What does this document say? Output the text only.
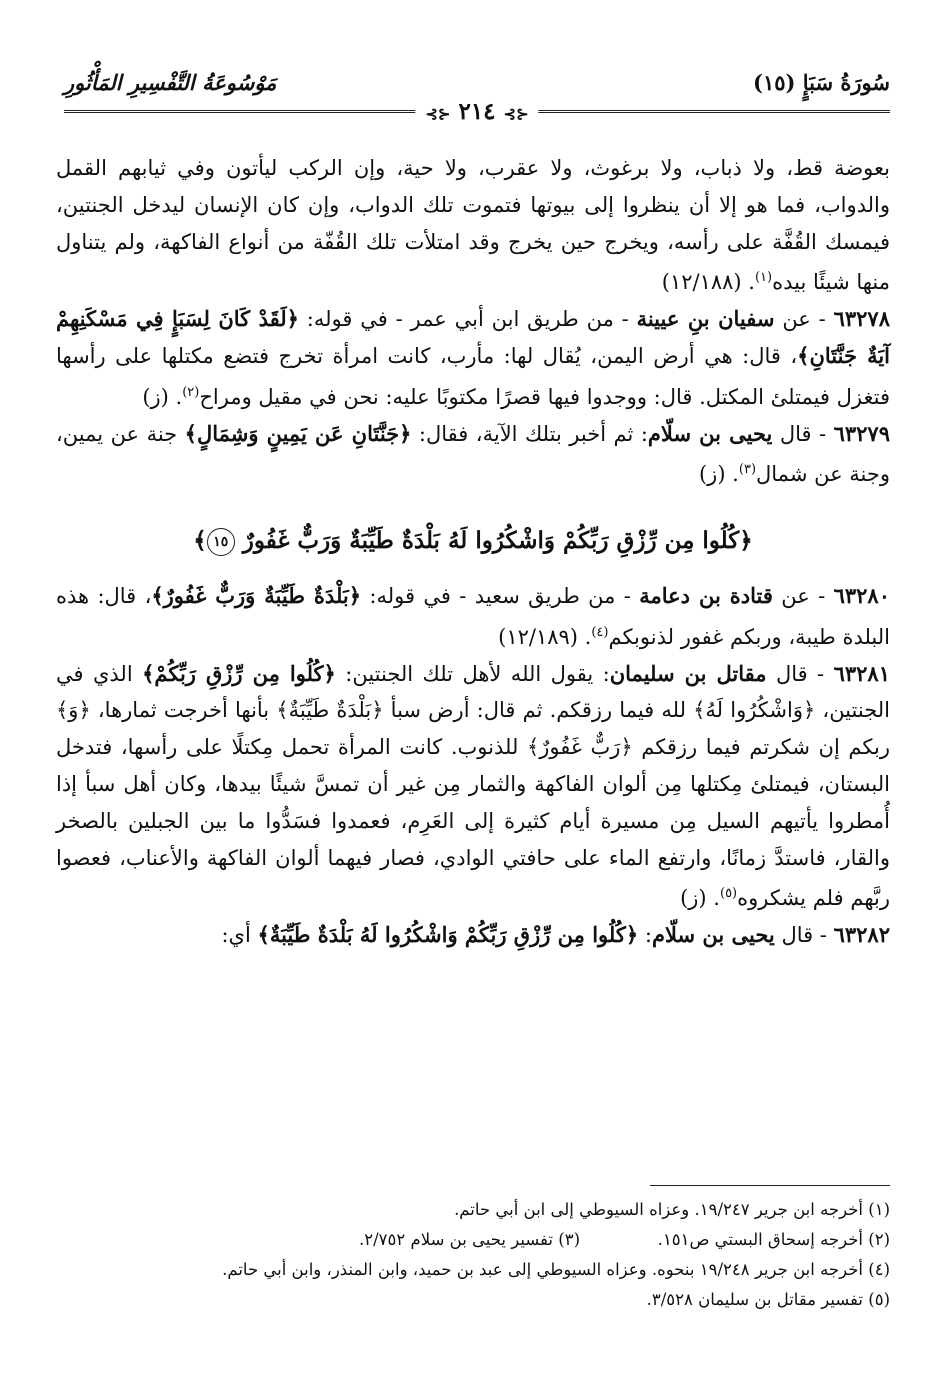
سُورَةُ سَبَإٍ (١٥)
مَوْسُوعَةُ التَّفْسِيرِ المَأْثُورِ
⊰⊱ ٢١٤ ⊰⊱

بعوضة قط، ولا ذباب، ولا برغوث، ولا عقرب، ولا حية، وإن الركب ليأتون وفي ثيابهم القمل والدواب، فما هو إلا أن ينظروا إلى بيوتها فتموت تلك الدواب، وإن كان الإنسان ليدخل الجنتين، فيمسك القُفَّة على رأسه، ويخرج حين يخرج وقد امتلأت تلك القُفّة من أنواع الفاكهة، ولم يتناول منها شيئًا بيده$^{(١)}$. (١٢/١٨٨)

٦٣٢٧٨ - عن سفيان بنِ عيينة - من طريق ابن أبي عمر - في قوله: ﴿لَقَدْ كَانَ لِسَبَإٍ فِي مَسْكَنِهِمْ آيَةٌ جَنَّتَانِ﴾، قال: هي أرض اليمن، يُقال لها: مأرب، كانت امرأة تخرج فتضع مكتلها على رأسها فتغزل فيمتلئ المكتل. قال: ووجدوا فيها قصرًا مكتوبًا عليه: نحن في مقيل ومراح$^{(٢)}$. (ز)

٦٣٢٧٩ - قال يحيى بن سلّام: ثم أخبر بتلك الآية، فقال: ﴿جَنَّتَانِ عَن يَمِينٍ وَشِمَالٍ﴾ جنة عن يمين، وجنة عن شمال$^{(٣)}$. (ز)

﴿كُلُوا مِن رِّزْقِ رَبِّكُمْ وَاشْكُرُوا لَهُ بَلْدَةٌ طَيِّبَةٌ وَرَبٌّ غَفُورٌ ١٥﴾

٦٣٢٨٠ - عن قتادة بن دعامة - من طريق سعيد - في قوله: ﴿بَلْدَةٌ طَيِّبَةٌ وَرَبٌّ غَفُورٌ﴾، قال: هذه البلدة طيبة، وربكم غفور لذنوبكم$^{(٤)}$. (١٢/١٨٩)

٦٣٢٨١ - قال مقاتل بن سليمان: يقول الله لأهل تلك الجنتين: ﴿كُلُوا مِن رِّزْقِ رَبِّكُمْ﴾ الذي في الجنتين، ﴿وَاشْكُرُوا لَهُ﴾ لله فيما رزقكم. ثم قال: أرض سبأ ﴿بَلْدَةٌ طَيِّبَةٌ﴾ بأنها أخرجت ثمارها، ﴿وَ﴾ ربكم إن شكرتم فيما رزقكم ﴿رَبٌّ غَفُورٌ﴾ للذنوب. كانت المرأة تحمل مِكتلًا على رأسها، فتدخل البستان، فيمتلئ مِكتلها مِن ألوان الفاكهة والثمار مِن غير أن تمسَّ شيئًا بيدها، وكان أهل سبأ إذا أُمطروا يأتيهم السيل مِن مسيرة أيام كثيرة إلى العَرِم، فعمدوا فسَدُّوا ما بين الجبلين بالصخر والقار، فاستدَّ زمانًا، وارتفع الماء على حافتي الوادي، فصار فيهما ألوان الفاكهة والأعناب، فعصوا ربَّهم فلم يشكروه$^{(٥)}$. (ز)

٦٣٢٨٢ - قال يحيى بن سلّام: ﴿كُلُوا مِن رِّزْقِ رَبِّكُمْ وَاشْكُرُوا لَهُ بَلْدَةٌ طَيِّبَةٌ﴾ أي:

(١) أخرجه ابن جرير ١٩/٢٤٧. وعزاه السيوطي إلى ابن أبي حاتم.
(٢) أخرجه إسحاق البستي ص١٥١.
(٣) تفسير يحيى بن سلام ٢/٧٥٢.
(٤) أخرجه ابن جرير ١٩/٢٤٨ بنحوه. وعزاه السيوطي إلى عبد بن حميد، وابن المنذر، وابن أبي حاتم.
(٥) تفسير مقاتل بن سليمان ٣/٥٢٨.
